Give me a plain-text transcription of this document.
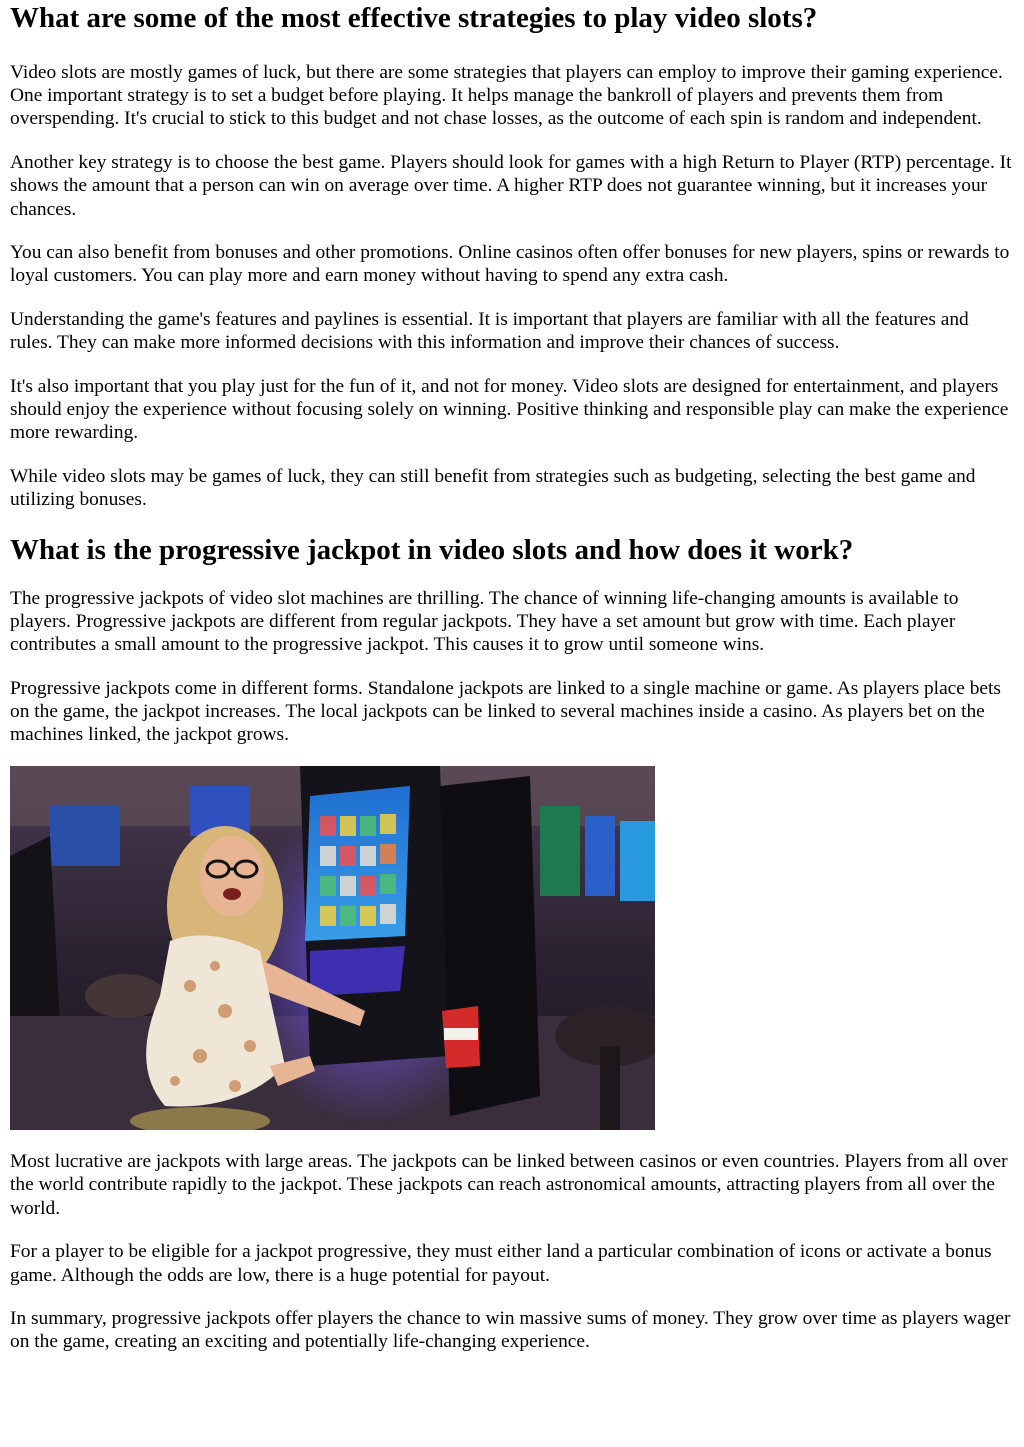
What are some of the most effective strategies to play video slots?

Video slots are mostly games of luck, but there are some strategies that players can employ to improve their gaming experience. One important strategy is to set a budget before playing. It helps manage the bankroll of players and prevents them from overspending. It's crucial to stick to this budget and not chase losses, as the outcome of each spin is random and independent.

Another key strategy is to choose the best game. Players should look for games with a high Return to Player (RTP) percentage. It shows the amount that a person can win on average over time. A higher RTP does not guarantee winning, but it increases your chances.

You can also benefit from bonuses and other promotions. Online casinos often offer bonuses for new players, spins or rewards to loyal customers. You can play more and earn money without having to spend any extra cash.

Understanding the game's features and paylines is essential. It is important that players are familiar with all the features and rules. They can make more informed decisions with this information and improve their chances of success.

It's also important that you play just for the fun of it, and not for money. Video slots are designed for entertainment, and players should enjoy the experience without focusing solely on winning. Positive thinking and responsible play can make the experience more rewarding.

While video slots may be games of luck, they can still benefit from strategies such as budgeting, selecting the best game and utilizing bonuses.

What is the progressive jackpot in video slots and how does it work?

The progressive jackpots of video slot machines are thrilling. The chance of winning life-changing amounts is available to players. Progressive jackpots are different from regular jackpots. They have a set amount but grow with time. Each player contributes a small amount to the progressive jackpot. This causes it to grow until someone wins.

Progressive jackpots come in different forms. Standalone jackpots are linked to a single machine or game. As players place bets on the game, the jackpot increases. The local jackpots can be linked to several machines inside a casino. As players bet on the machines linked, the jackpot grows.

Most lucrative are jackpots with large areas. The jackpots can be linked between casinos or even countries. Players from all over the world contribute rapidly to the jackpot. These jackpots can reach astronomical amounts, attracting players from all over the world.

For a player to be eligible for a jackpot progressive, they must either land a particular combination of icons or activate a bonus game. Although the odds are low, there is a huge potential for payout.

In summary, progressive jackpots offer players the chance to win massive sums of money. They grow over time as players wager on the game, creating an exciting and potentially life-changing experience.
